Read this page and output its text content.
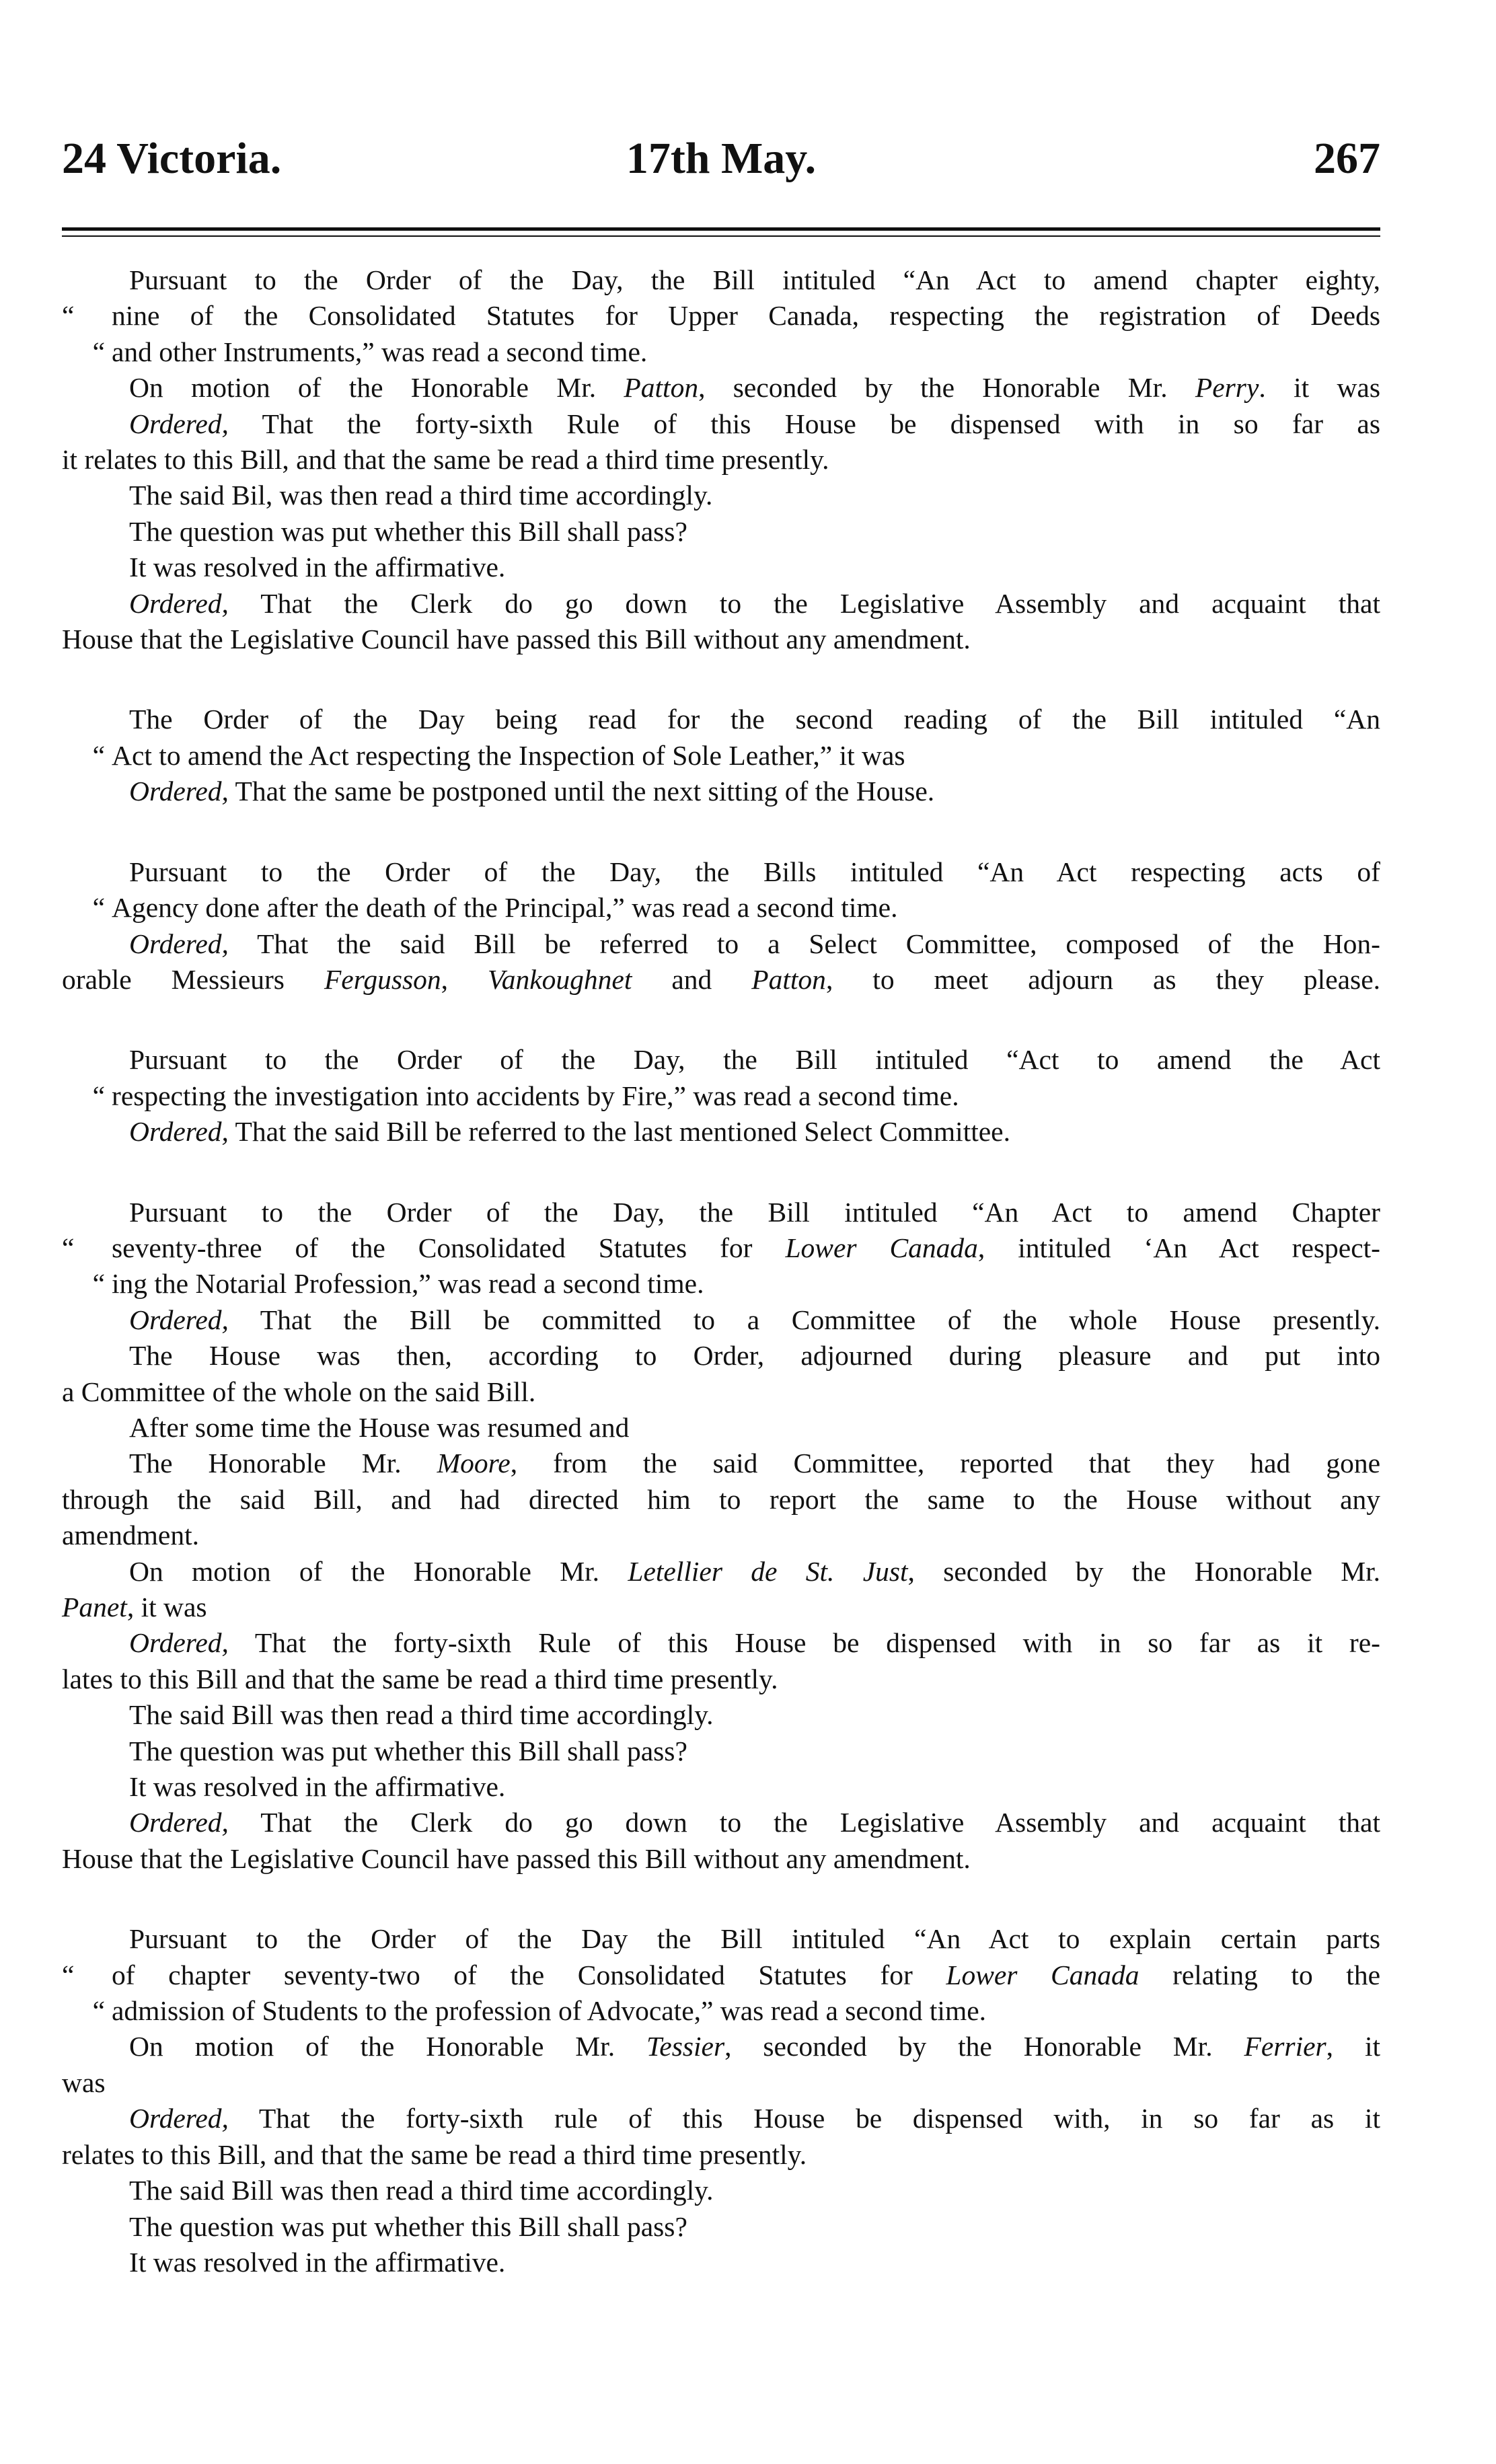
24 Victoria.	17th May.	267
Pursuant to the Order of the Day, the Bill intituled “An Act to amend chapter eighty,
“ nine of the Consolidated Statutes for Upper Canada, respecting the registration of Deeds
“ and other Instruments,” was read a second time.
On motion of the Honorable Mr. Patton, seconded by the Honorable Mr. Perry. it was
Ordered, That the forty-sixth Rule of this House be dispensed with in so far as
it relates to this Bill, and that the same be read a third time presently.
The said Bil, was then read a third time accordingly.
The question was put whether this Bill shall pass?
It was resolved in the affirmative.
Ordered, That the Clerk do go down to the Legislative Assembly and acquaint that
House that the Legislative Council have passed this Bill without any amendment.
The Order of the Day being read for the second reading of the Bill intituled “An
“ Act to amend the Act respecting the Inspection of Sole Leather,” it was
Ordered, That the same be postponed until the next sitting of the House.
Pursuant to the Order of the Day, the Bills intituled “An Act respecting acts of
“ Agency done after the death of the Principal,” was read a second time.
Ordered, That the said Bill be referred to a Select Committee, composed of the Hon-
orable Messieurs Fergusson, Vankoughnet and Patton, to meet adjourn as they please.
Pursuant to the Order of the Day, the Bill intituled “Act to amend the Act
“ respecting the investigation into accidents by Fire,” was read a second time.
Ordered, That the said Bill be referred to the last mentioned Select Committee.
Pursuant to the Order of the Day, the Bill intituled “An Act to amend Chapter
“ seventy-three of the Consolidated Statutes for Lower Canada, intituled ‘An Act respect-
“ ing the Notarial Profession,” was read a second time.
Ordered, That the Bill be committed to a Committee of the whole House presently.
The House was then, according to Order, adjourned during pleasure and put into
a Committee of the whole on the said Bill.
After some time the House was resumed and
The Honorable Mr. Moore, from the said Committee, reported that they had gone
through the said Bill, and had directed him to report the same to the House without any
amendment.
On motion of the Honorable Mr. Letellier de St. Just, seconded by the Honorable Mr.
Panet, it was
Ordered, That the forty-sixth Rule of this House be dispensed with in so far as it re-
lates to this Bill and that the same be read a third time presently.
The said Bill was then read a third time accordingly.
The question was put whether this Bill shall pass?
It was resolved in the affirmative.
Ordered, That the Clerk do go down to the Legislative Assembly and acquaint that
House that the Legislative Council have passed this Bill without any amendment.
Pursuant to the Order of the Day the Bill intituled “An Act to explain certain parts
“ of chapter seventy-two of the Consolidated Statutes for Lower Canada relating to the
“ admission of Students to the profession of Advocate,” was read a second time.
On motion of the Honorable Mr. Tessier, seconded by the Honorable Mr. Ferrier, it
was
Ordered, That the forty-sixth rule of this House be dispensed with, in so far as it
relates to this Bill, and that the same be read a third time presently.
The said Bill was then read a third time accordingly.
The question was put whether this Bill shall pass?
It was resolved in the affirmative.
